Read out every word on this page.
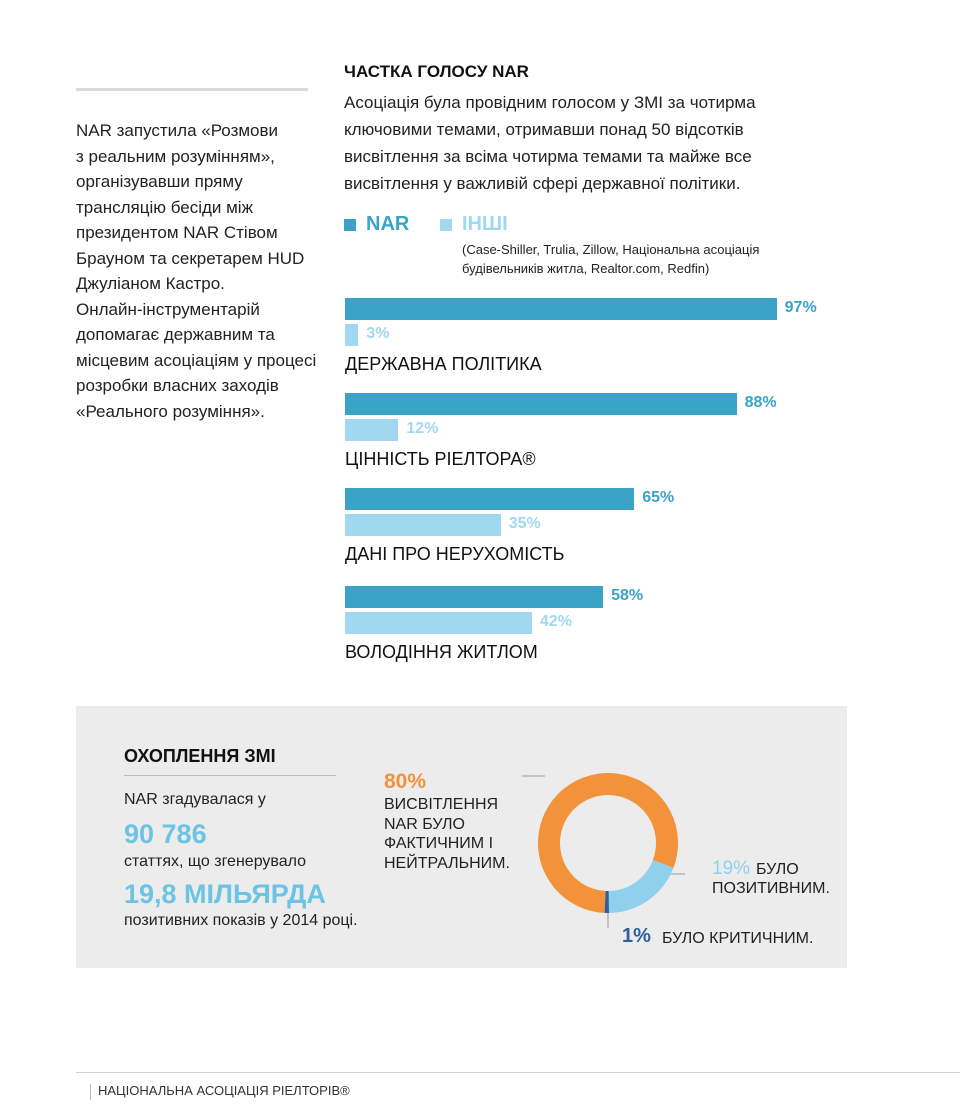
NAR запустила «Розмови
з реальним розумінням»,
організувавши пряму
трансляцію бесіди між
президентом NAR Стівом
Брауном та секретарем HUD
Джуліаном Кастро.
Онлайн-інструментарій
допомагає державним та
місцевим асоціаціям у процесі
розробки власних заходів
«Реального розуміння».

ЧАСТКА ГОЛОСУ NAR
Асоціація була провідним голосом у ЗМІ за чотирма
ключовими темами, отримавши понад 50 відсотків
висвітлення за всіма чотирма темами та майже все
висвітлення у важливій сфері державної політики.
NAR	ІНШІ
(Case-Shiller, Trulia, Zillow, Національна асоціація
будівельників житла, Realtor.com, Redfin)
97%
3%
ДЕРЖАВНА ПОЛІТИКА
88%
12%
ЦІННІСТЬ РІЕЛТОРА®
65%
35%
ДАНІ ПРО НЕРУХОМІСТЬ
58%
42%
ВОЛОДІННЯ ЖИТЛОМ
ОХОПЛЕННЯ ЗМІ
NAR згадувалася у
90 786
статтях, що згенерувало
19,8 МІЛЬЯРДА
позитивних показів у 2014 році.
80%
ВИСВІТЛЕННЯ
NAR БУЛО
ФАКТИЧНИМ І
НЕЙТРАЛЬНИМ.	19% БУЛО
ПОЗИТИВНИМ.
1% БУЛО КРИТИЧНИМ.
НАЦІОНАЛЬНА АСОЦІАЦІЯ РІЕЛТОРІВ®
